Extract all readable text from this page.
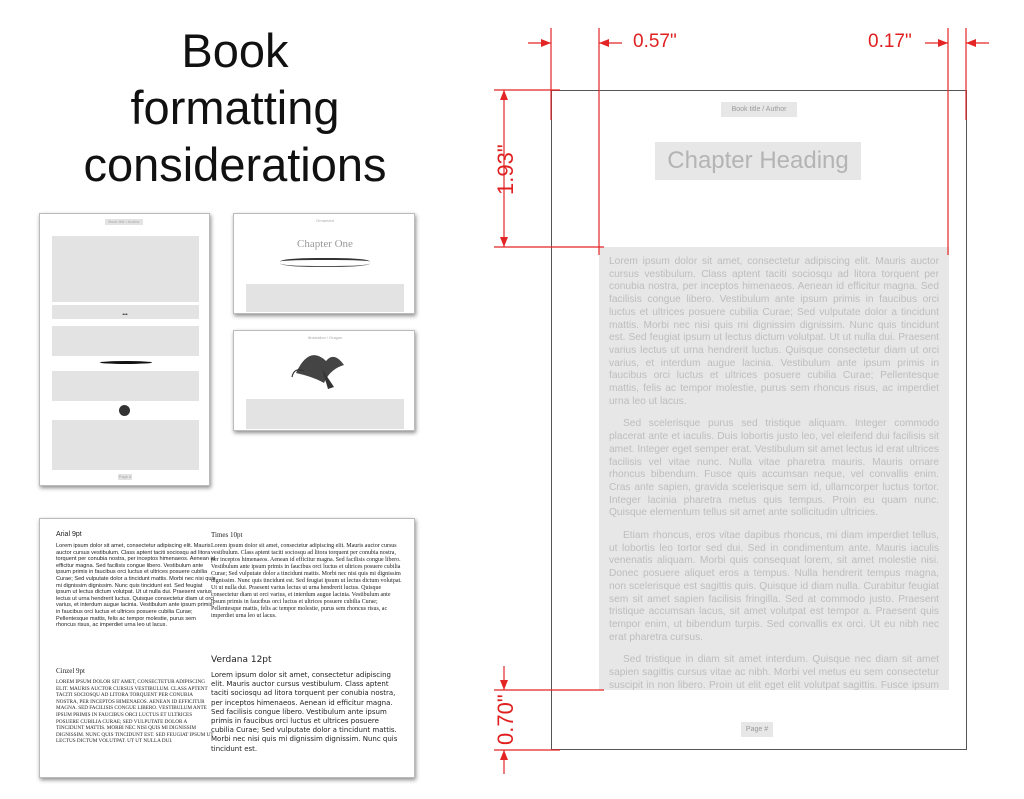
Book
formatting
considerations
Book title / Author
•••
Page #
Ornament
Chapter One
Illustration / Dragon
Arial 9pt

Lorem ipsum dolor sit amet, consectetur adipiscing elit. Mauris auctor cursus vestibulum. Class aptent taciti sociosqu ad litora torquent per conubia nostra, per inceptos himenaeos. Aenean id efficitur magna. Sed facilisis congue libero. Vestibulum ante ipsum primis in faucibus orci luctus et ultrices posuere cubilia Curae; Sed vulputate dolor a tincidunt mattis. Morbi nec nisi quis mi dignissim dignissim. Nunc quis tincidunt est. Sed feugiat ipsum ut lectus dictum volutpat. Ut ut nulla dui. Praesent varius lectus ut urna hendrerit luctus. Quisque consectetur diam ut orci varius, et interdum augue lacinia. Vestibulum ante ipsum primis in faucibus orci luctus et ultrices posuere cubilia Curae; Pellentesque mattis, felis ac tempor molestie, purus sem rhoncus risus, ac imperdiet urna leo ut lacus.

Cinzel 9pt

LOREM IPSUM DOLOR SIT AMET, CONSECTETUR ADIPISCING ELIT. MAURIS AUCTOR CURSUS VESTIBULUM. CLASS APTENT TACITI SOCIOSQU AD LITORA TORQUENT PER CONUBIA NOSTRA, PER INCEPTOS HIMENAEOS. AENEAN ID EFFICITUR MAGNA. SED FACILISIS CONGUE LIBERO. VESTIBULUM ANTE IPSUM PRIMIS IN FAUCIBUS ORCI LUCTUS ET ULTRICES POSUERE CUBILIA CURAE; SED VULPUTATE DOLOR A TINCIDUNT MATTIS. MORBI NEC NISI QUIS MI DIGNISSIM DIGNISSIM. NUNC QUIS TINCIDUNT EST. SED FEUGIAT IPSUM UT LECTUS DICTUM VOLUTPAT. UT UT NULLA DUI.

Times 10pt

Lorem ipsum dolor sit amet, consectetur adipiscing elit. Mauris auctor cursus vestibulum. Class aptent taciti sociosqu ad litora torquent per conubia nostra, per inceptos himenaeos. Aenean id efficitur magna. Sed facilisis congue libero. Vestibulum ante ipsum primis in faucibus orci luctus et ultrices posuere cubilia Curae; Sed vulputate dolor a tincidunt mattis. Morbi nec nisi quis mi dignissim dignissim. Nunc quis tincidunt est. Sed feugiat ipsum ut lectus dictum volutpat. Ut ut nulla dui. Praesent varius lectus ut urna hendrerit luctus. Quisque consectetur diam ut orci varius, et interdum augue lacinia. Vestibulum ante ipsum primis in faucibus orci luctus et ultrices posuere cubilia Curae; Pellentesque mattis, felis ac tempor molestie, purus sem rhoncus risus, ac imperdiet urna leo ut lacus.

Verdana 12pt

Lorem ipsum dolor sit amet, consectetur adipiscing elit. Mauris auctor cursus vestibulum. Class aptent taciti sociosqu ad litora torquent per conubia nostra, per inceptos himenaeos. Aenean id efficitur magna. Sed facilisis congue libero. Vestibulum ante ipsum primis in faucibus orci luctus et ultrices posuere cubilia Curae; Sed vulputate dolor a tincidunt mattis. Morbi nec nisi quis mi dignissim dignissim. Nunc quis tincidunt est.

Book title / Author
Chapter Heading

Lorem ipsum dolor sit amet, consectetur adipiscing elit. Mauris auctor cursus vestibulum. Class aptent taciti sociosqu ad litora torquent per conubia nostra, per inceptos himenaeos. Aenean id efficitur magna. Sed facilisis congue libero. Vestibulum ante ipsum primis in faucibus orci luctus et ultrices posuere cubilia Curae; Sed vulputate dolor a tincidunt mattis. Morbi nec nisi quis mi dignissim dignissim. Nunc quis tincidunt est. Sed feugiat ipsum ut lectus dictum volutpat. Ut ut nulla dui. Praesent varius lectus ut urna hendrerit luctus. Quisque consectetur diam ut orci varius, et interdum augue lacinia. Vestibulum ante ipsum primis in faucibus orci luctus et ultrices posuere cubilia Curae; Pellentesque mattis, felis ac tempor molestie, purus sem rhoncus risus, ac imperdiet urna leo ut lacus.

Sed scelerisque purus sed tristique aliquam. Integer commodo placerat ante et iaculis. Duis lobortis justo leo, vel eleifend dui facilisis sit amet. Integer eget semper erat. Vestibulum sit amet lectus id erat ultrices facilisis vel vitae nunc. Nulla vitae pharetra mauris. Mauris ornare rhoncus bibendum. Fusce quis accumsan neque, vel convallis enim. Cras ante sapien, gravida scelerisque sem id, ullamcorper luctus tortor. Integer lacinia pharetra metus quis tempus. Proin eu quam nunc. Quisque elementum tellus sit amet ante sollicitudin ultricies.

Etiam rhoncus, eros vitae dapibus rhoncus, mi diam imperdiet tellus, ut lobortis leo tortor sed dui. Sed in condimentum ante. Mauris iaculis venenatis aliquam. Morbi quis consequat lorem, sit amet molestie nisi. Donec posuere aliquet eros a tempus. Nulla hendrerit tempus magna, non scelerisque est sagittis quis. Quisque id diam nulla. Curabitur feugiat sem sit amet sapien facilisis fringilla. Sed at commodo justo. Praesent tristique accumsan lacus, sit amet volutpat est tempor a. Praesent quis tempor enim, ut bibendum turpis. Sed convallis ex orci. Ut eu nibh nec erat pharetra cursus.

Sed tristique in diam sit amet interdum. Quisque nec diam sit amet sapien sagittis cursus vitae ac nibh. Morbi vel metus eu sem consectetur suscipit in non libero. Proin ut elit eget elit volutpat sagittis. Fusce ipsum

Page #
0.57"	0.17"
1.93"
0.70"
